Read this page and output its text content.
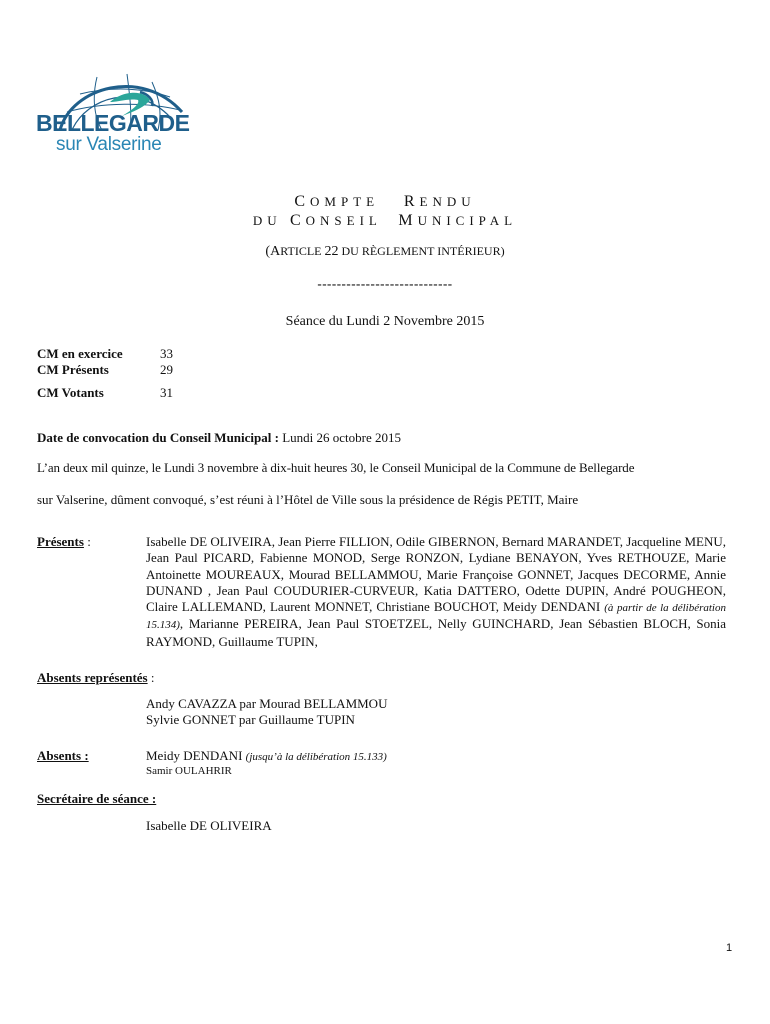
BELLEGARDE
sur Valserine
COMPTE RENDU
DU CONSEIL MUNICIPAL
(ARTICLE 22 DU RÈGLEMENT INTÉRIEUR)
----------------------------
Séance du Lundi 2 Novembre 2015
CM en exercice	33
CM Présents	29
CM Votants	31
Date de convocation du Conseil Municipal : Lundi 26 octobre 2015
L’an deux mil quinze, le Lundi 3 novembre à dix-huit heures 30, le Conseil Municipal de la Commune de Bellegarde
sur Valserine, dûment convoqué, s’est réuni à l’Hôtel de Ville sous la présidence de Régis PETIT, Maire
Présents :	Isabelle DE OLIVEIRA, Jean Pierre FILLION, Odile GIBERNON, Bernard MARANDET, Jacqueline MENU, Jean Paul PICARD, Fabienne MONOD, Serge RONZON, Lydiane BENAYON, Yves RETHOUZE, Marie Antoinette MOUREAUX, Mourad BELLAMMOU, Marie Françoise GONNET, Jacques DECORME, Annie DUNAND , Jean Paul COUDURIER-CURVEUR, Katia DATTERO, Odette DUPIN, André POUGHEON, Claire LALLEMAND, Laurent MONNET, Christiane BOUCHOT, Meidy DENDANI (à partir de la délibération 15.134), Marianne PEREIRA, Jean Paul STOETZEL, Nelly GUINCHARD, Jean Sébastien BLOCH, Sonia RAYMOND, Guillaume TUPIN,
Absents représentés :
Andy CAVAZZA par Mourad BELLAMMOU
Sylvie GONNET par Guillaume TUPIN
Absents :	Meidy DENDANI (jusqu’à la délibération 15.133)
Samir OULAHRIR
Secrétaire de séance :
Isabelle DE OLIVEIRA
1
